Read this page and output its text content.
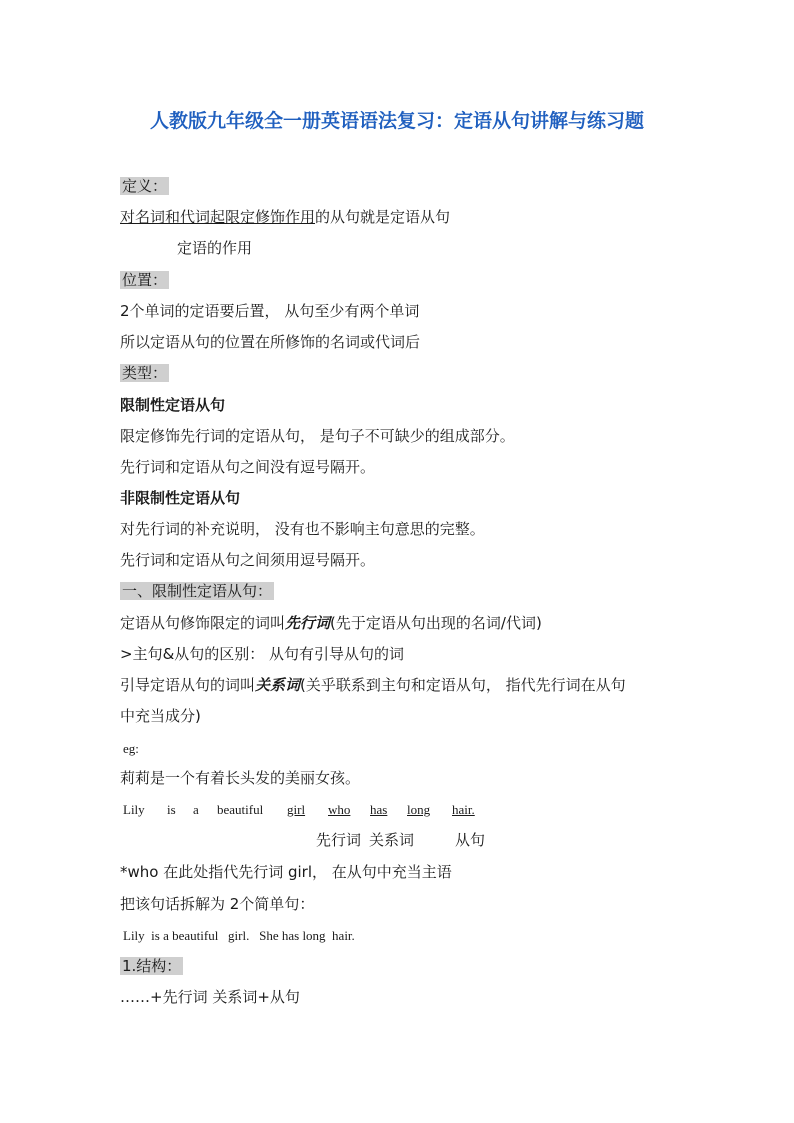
人教版九年级全一册英语语法复习：定语从句讲解与练习题
定义：
对名词和代词起限定修饰作用的从句就是定语从句
定语的作用
位置：
2个单词的定语要后置， 从句至少有两个单词
所以定语从句的位置在所修饰的名词或代词后
类型：
限制性定语从句
限定修饰先行词的定语从句， 是句子不可缺少的组成部分。
先行词和定语从句之间没有逗号隔开。
非限制性定语从句
对先行词的补充说明， 没有也不影响主句意思的完整。
先行词和定语从句之间须用逗号隔开。
一、限制性定语从句：
定语从句修饰限定的词叫先行词(先于定语从句出现的名词/代词)
>主句&从句的区别： 从句有引导从句的词
引导定语从句的词叫关系词(关乎联系到主句和定语从句， 指代先行词在从句
中充当成分)
eg:
莉莉是一个有着长头发的美丽女孩。
Lily is a beautiful girl who has long hair.
先行词 关系词	从句
*who 在此处指代先行词 girl， 在从句中充当主语
把该句话拆解为 2个简单句：
Lily  is a beautiful   girl.   She has long  hair.
1.结构：
……+先行词 关系词+从句
